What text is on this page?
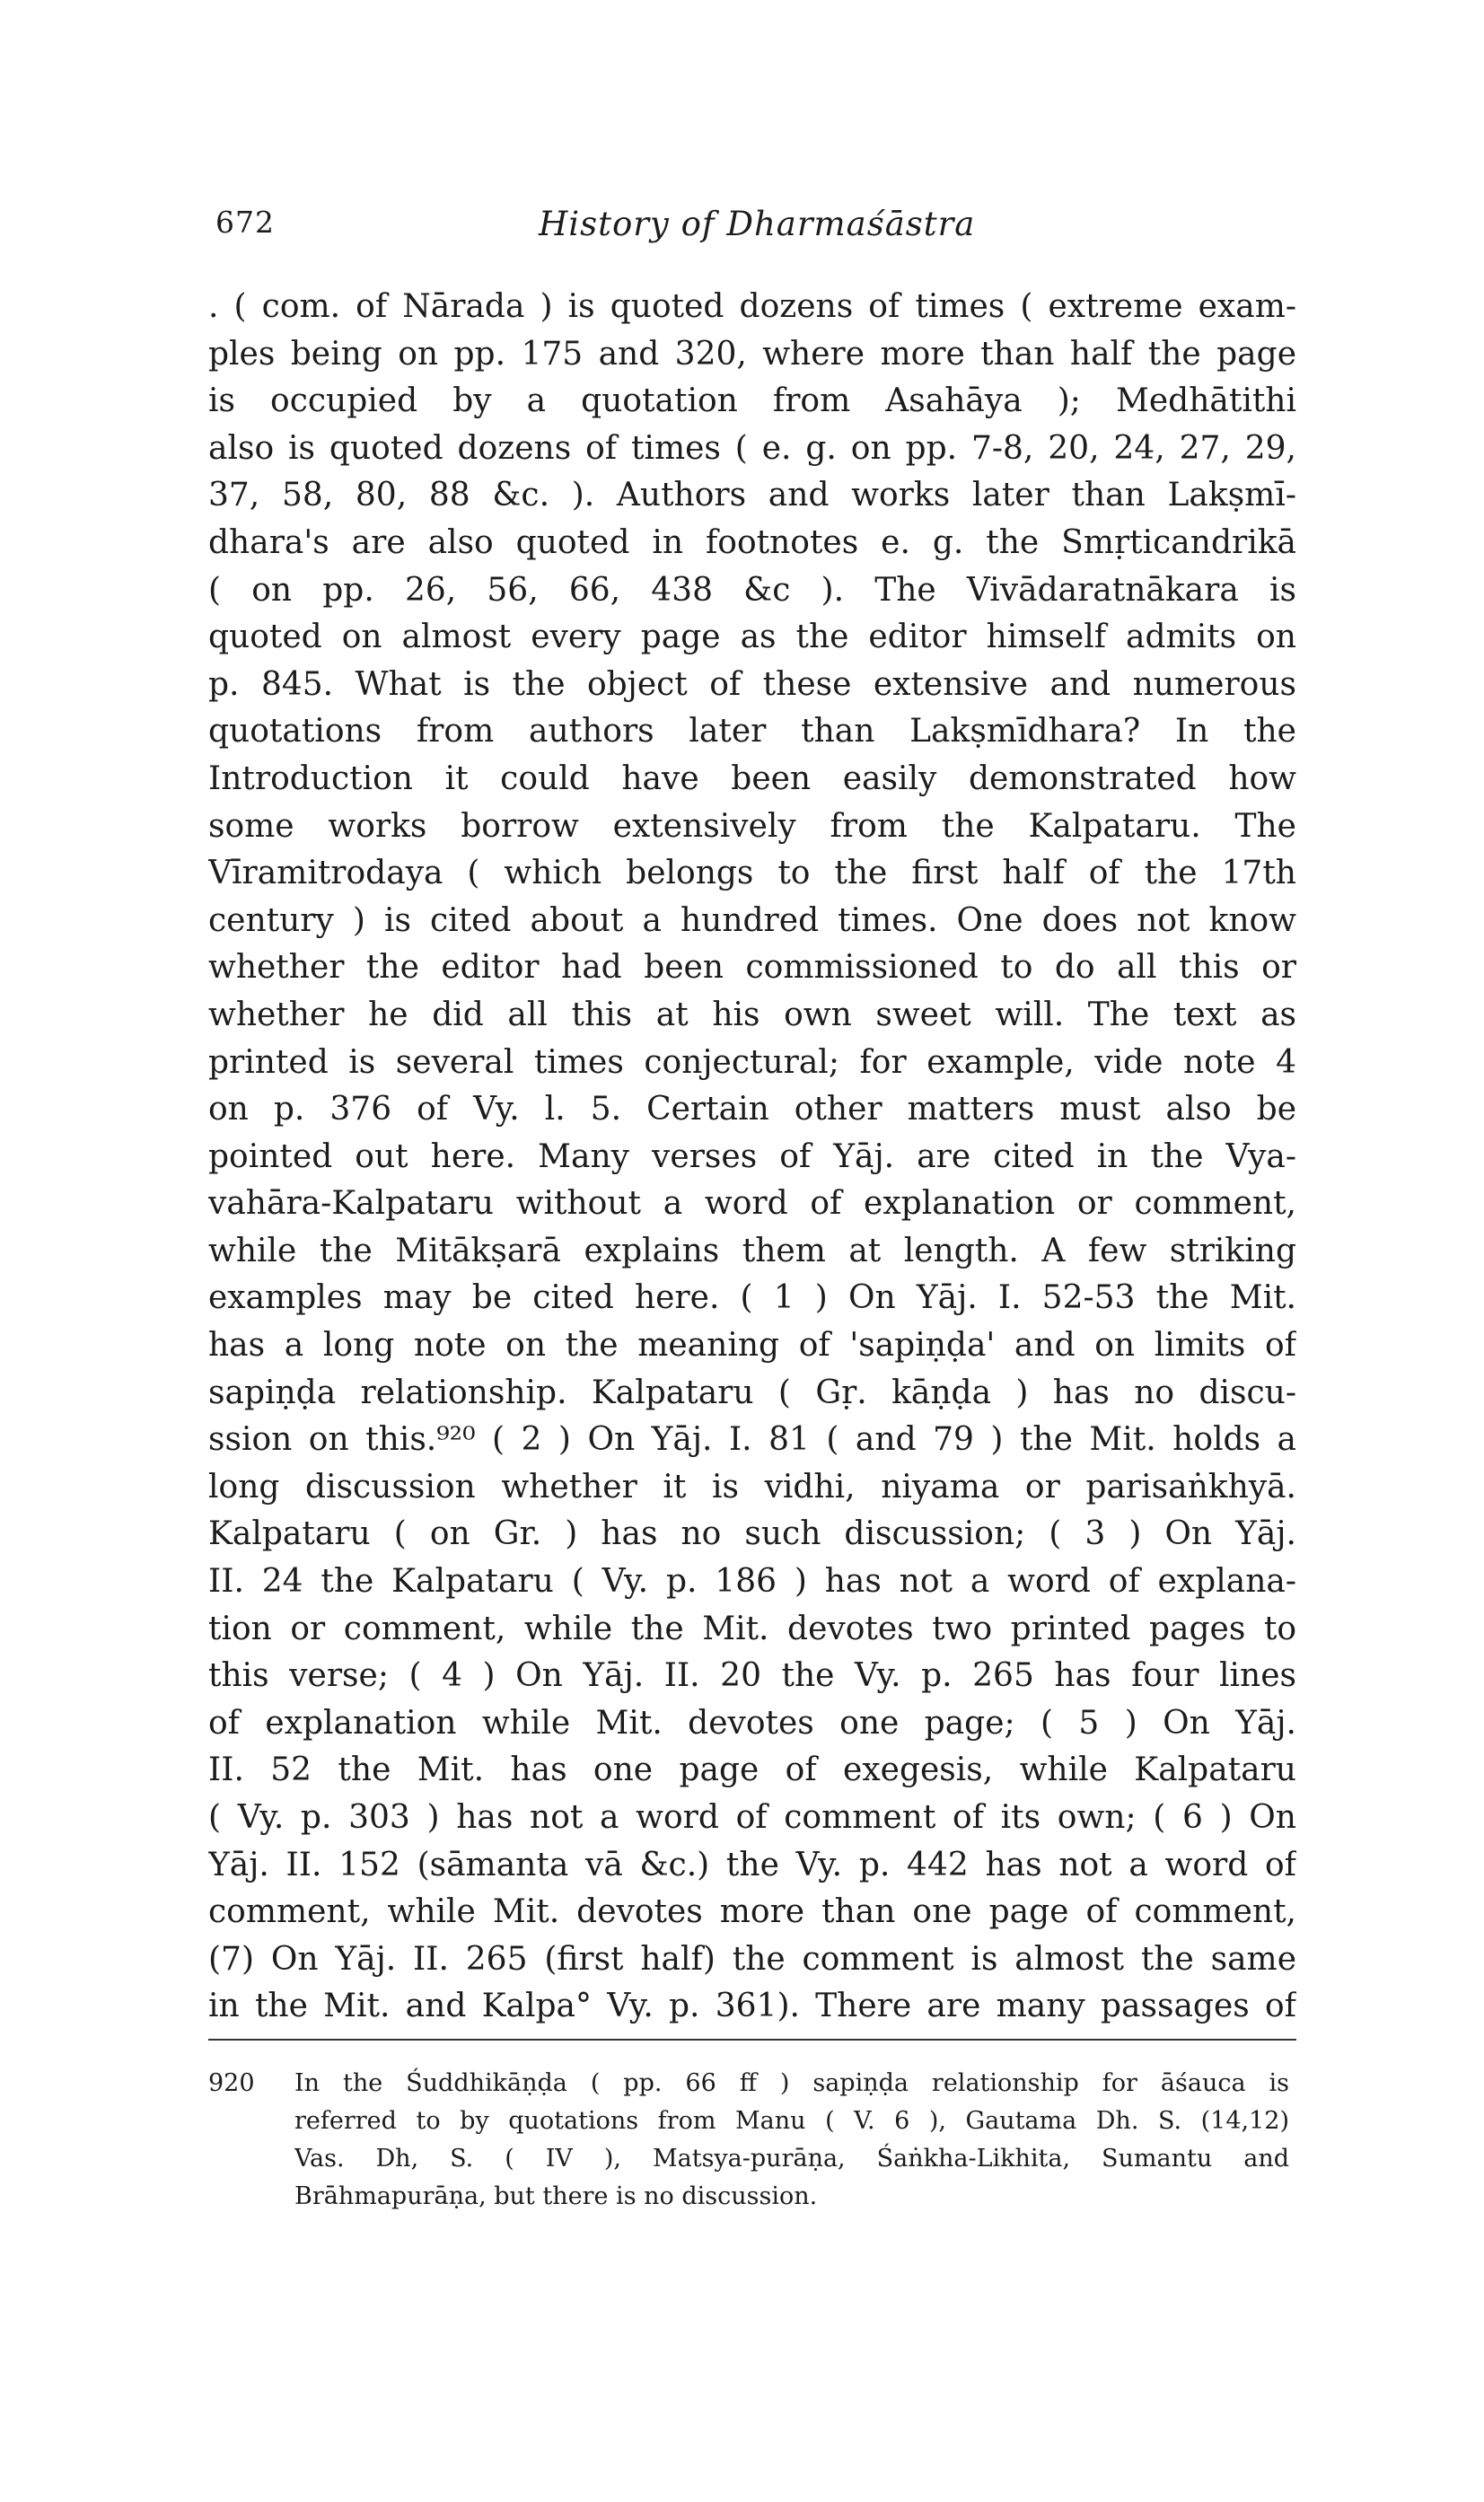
672	History of Dharmaśāstra
. ( com. of Nārada ) is quoted dozens of times ( extreme exam-
ples being on pp. 175 and 320, where more than half the page
is occupied by a quotation from Asahāya ); Medhātithi
also is quoted dozens of times ( e. g. on pp. 7-8, 20, 24, 27, 29,
37, 58, 80, 88 &c. ). Authors and works later than Lakṣmī-
dhara's are also quoted in footnotes e. g. the Smṛticandrikā
( on pp. 26, 56, 66, 438 &c ). The Vivādaratnākara is
quoted on almost every page as the editor himself admits on
p. 845. What is the object of these extensive and numerous
quotations from authors later than Lakṣmīdhara? In the
Introduction it could have been easily demonstrated how
some works borrow extensively from the Kalpataru. The
Vīramitrodaya ( which belongs to the first half of the 17th
century ) is cited about a hundred times. One does not know
whether the editor had been commissioned to do all this or
whether he did all this at his own sweet will. The text as
printed is several times conjectural; for example, vide note 4
on p. 376 of Vy. l. 5. Certain other matters must also be
pointed out here. Many verses of Yāj. are cited in the Vya-
vahāra-Kalpataru without a word of explanation or comment,
while the Mitākṣarā explains them at length. A few striking
examples may be cited here. ( 1 ) On Yāj. I. 52-53 the Mit.
has a long note on the meaning of 'sapiṇḍa' and on limits of
sapiṇḍa relationship. Kalpataru ( Gṛ. kāṇḍa ) has no discu-
ssion on this.⁹²⁰ ( 2 ) On Yāj. I. 81 ( and 79 ) the Mit. holds a
long discussion whether it is vidhi, niyama or parisaṅkhyā.
Kalpataru ( on Gr. ) has no such discussion; ( 3 ) On Yāj.
II. 24 the Kalpataru ( Vy. p. 186 ) has not a word of explana-
tion or comment, while the Mit. devotes two printed pages to
this verse; ( 4 ) On Yāj. II. 20 the Vy. p. 265 has four lines
of explanation while Mit. devotes one page; ( 5 ) On Yāj.
II. 52 the Mit. has one page of exegesis, while Kalpataru
( Vy. p. 303 ) has not a word of comment of its own; ( 6 ) On
Yāj. II. 152 (sāmanta vā &c.) the Vy. p. 442 has not a word of
comment, while Mit. devotes more than one page of comment,
(7) On Yāj. II. 265 (first half) the comment is almost the same
in the Mit. and Kalpa° Vy. p. 361). There are many passages of
920 In the Śuddhikāṇḍa ( pp. 66 ff ) sapiṇḍa relationship for āśauca is
referred to by quotations from Manu ( V. 6 ), Gautama Dh. S. (14,12)
Vas. Dh, S. ( IV ), Matsya-purāṇa, Śaṅkha-Likhita, Sumantu and
Brāhmapurāṇa, but there is no discussion.
